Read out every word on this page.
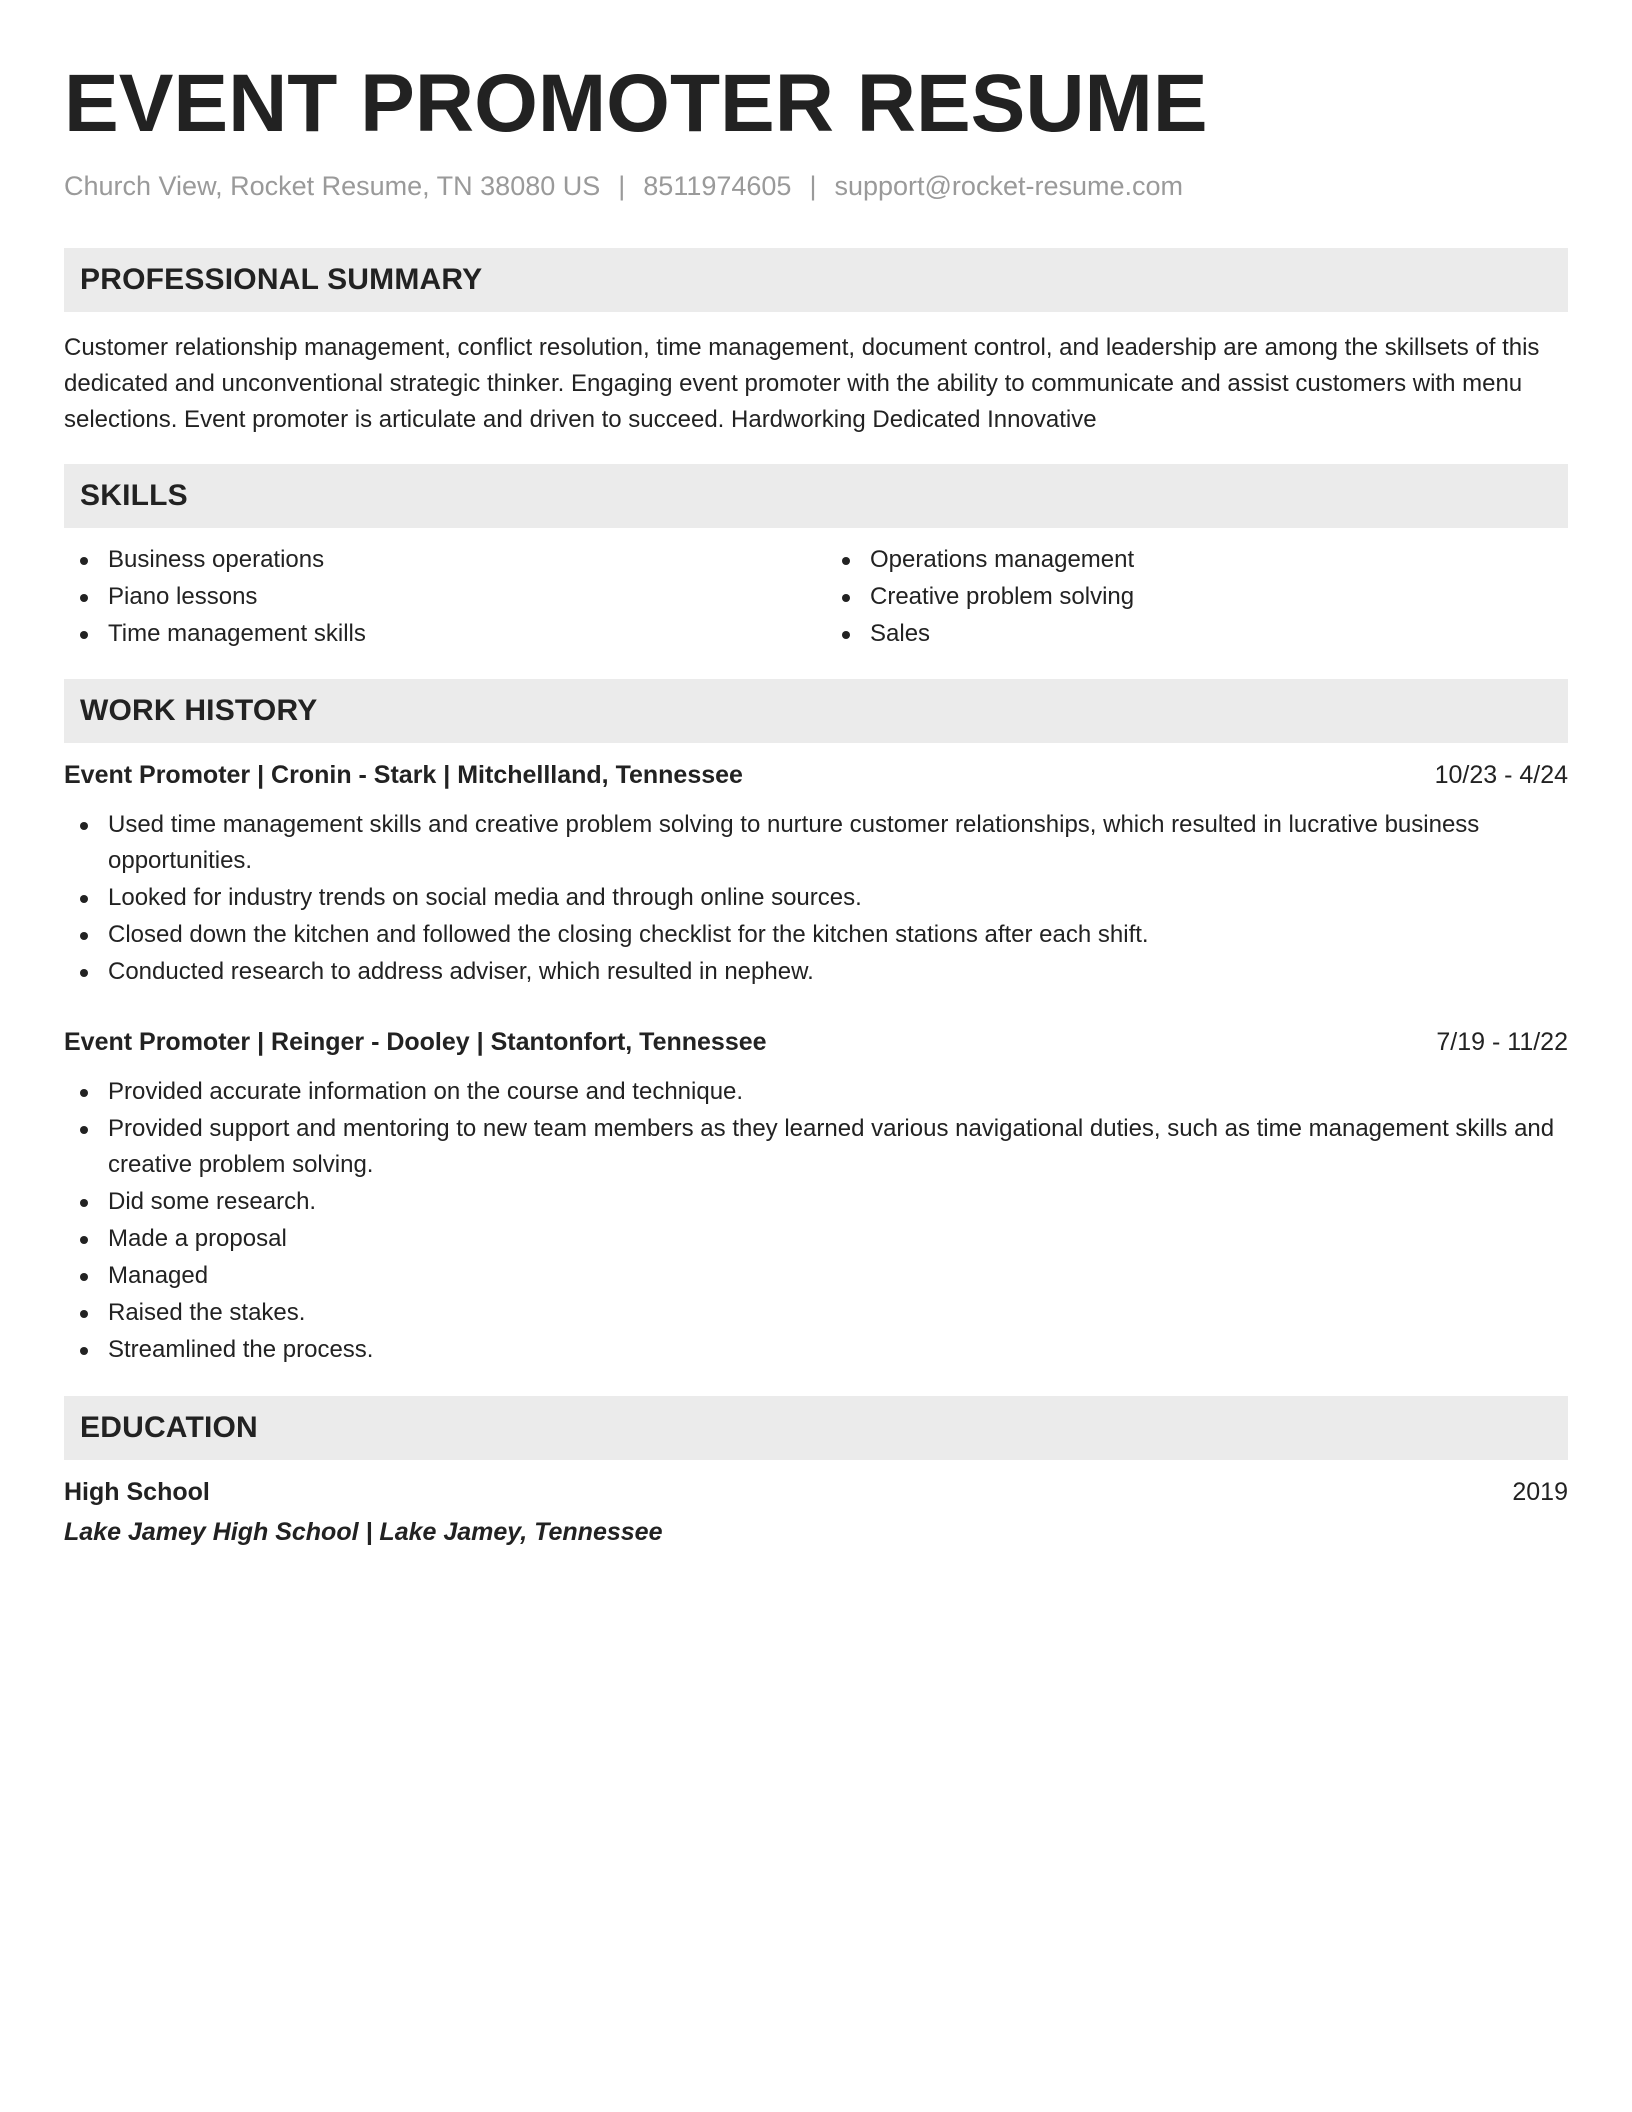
EVENT PROMOTER RESUME
Church View, Rocket Resume, TN 38080 US | 8511974605 | support@rocket-resume.com
PROFESSIONAL SUMMARY
Customer relationship management, conflict resolution, time management, document control, and leadership are among the skillsets of this dedicated and unconventional strategic thinker. Engaging event promoter with the ability to communicate and assist customers with menu selections. Event promoter is articulate and driven to succeed. Hardworking Dedicated Innovative
SKILLS
Business operations
Piano lessons
Time management skills
Operations management
Creative problem solving
Sales
WORK HISTORY
Event Promoter | Cronin - Stark | Mitchellland, Tennessee	10/23 - 4/24
Used time management skills and creative problem solving to nurture customer relationships, which resulted in lucrative business opportunities.
Looked for industry trends on social media and through online sources.
Closed down the kitchen and followed the closing checklist for the kitchen stations after each shift.
Conducted research to address adviser, which resulted in nephew.
Event Promoter | Reinger - Dooley | Stantonfort, Tennessee	7/19 - 11/22
Provided accurate information on the course and technique.
Provided support and mentoring to new team members as they learned various navigational duties, such as time management skills and creative problem solving.
Did some research.
Made a proposal
Managed
Raised the stakes.
Streamlined the process.
EDUCATION
High School	2019
Lake Jamey High School | Lake Jamey, Tennessee
